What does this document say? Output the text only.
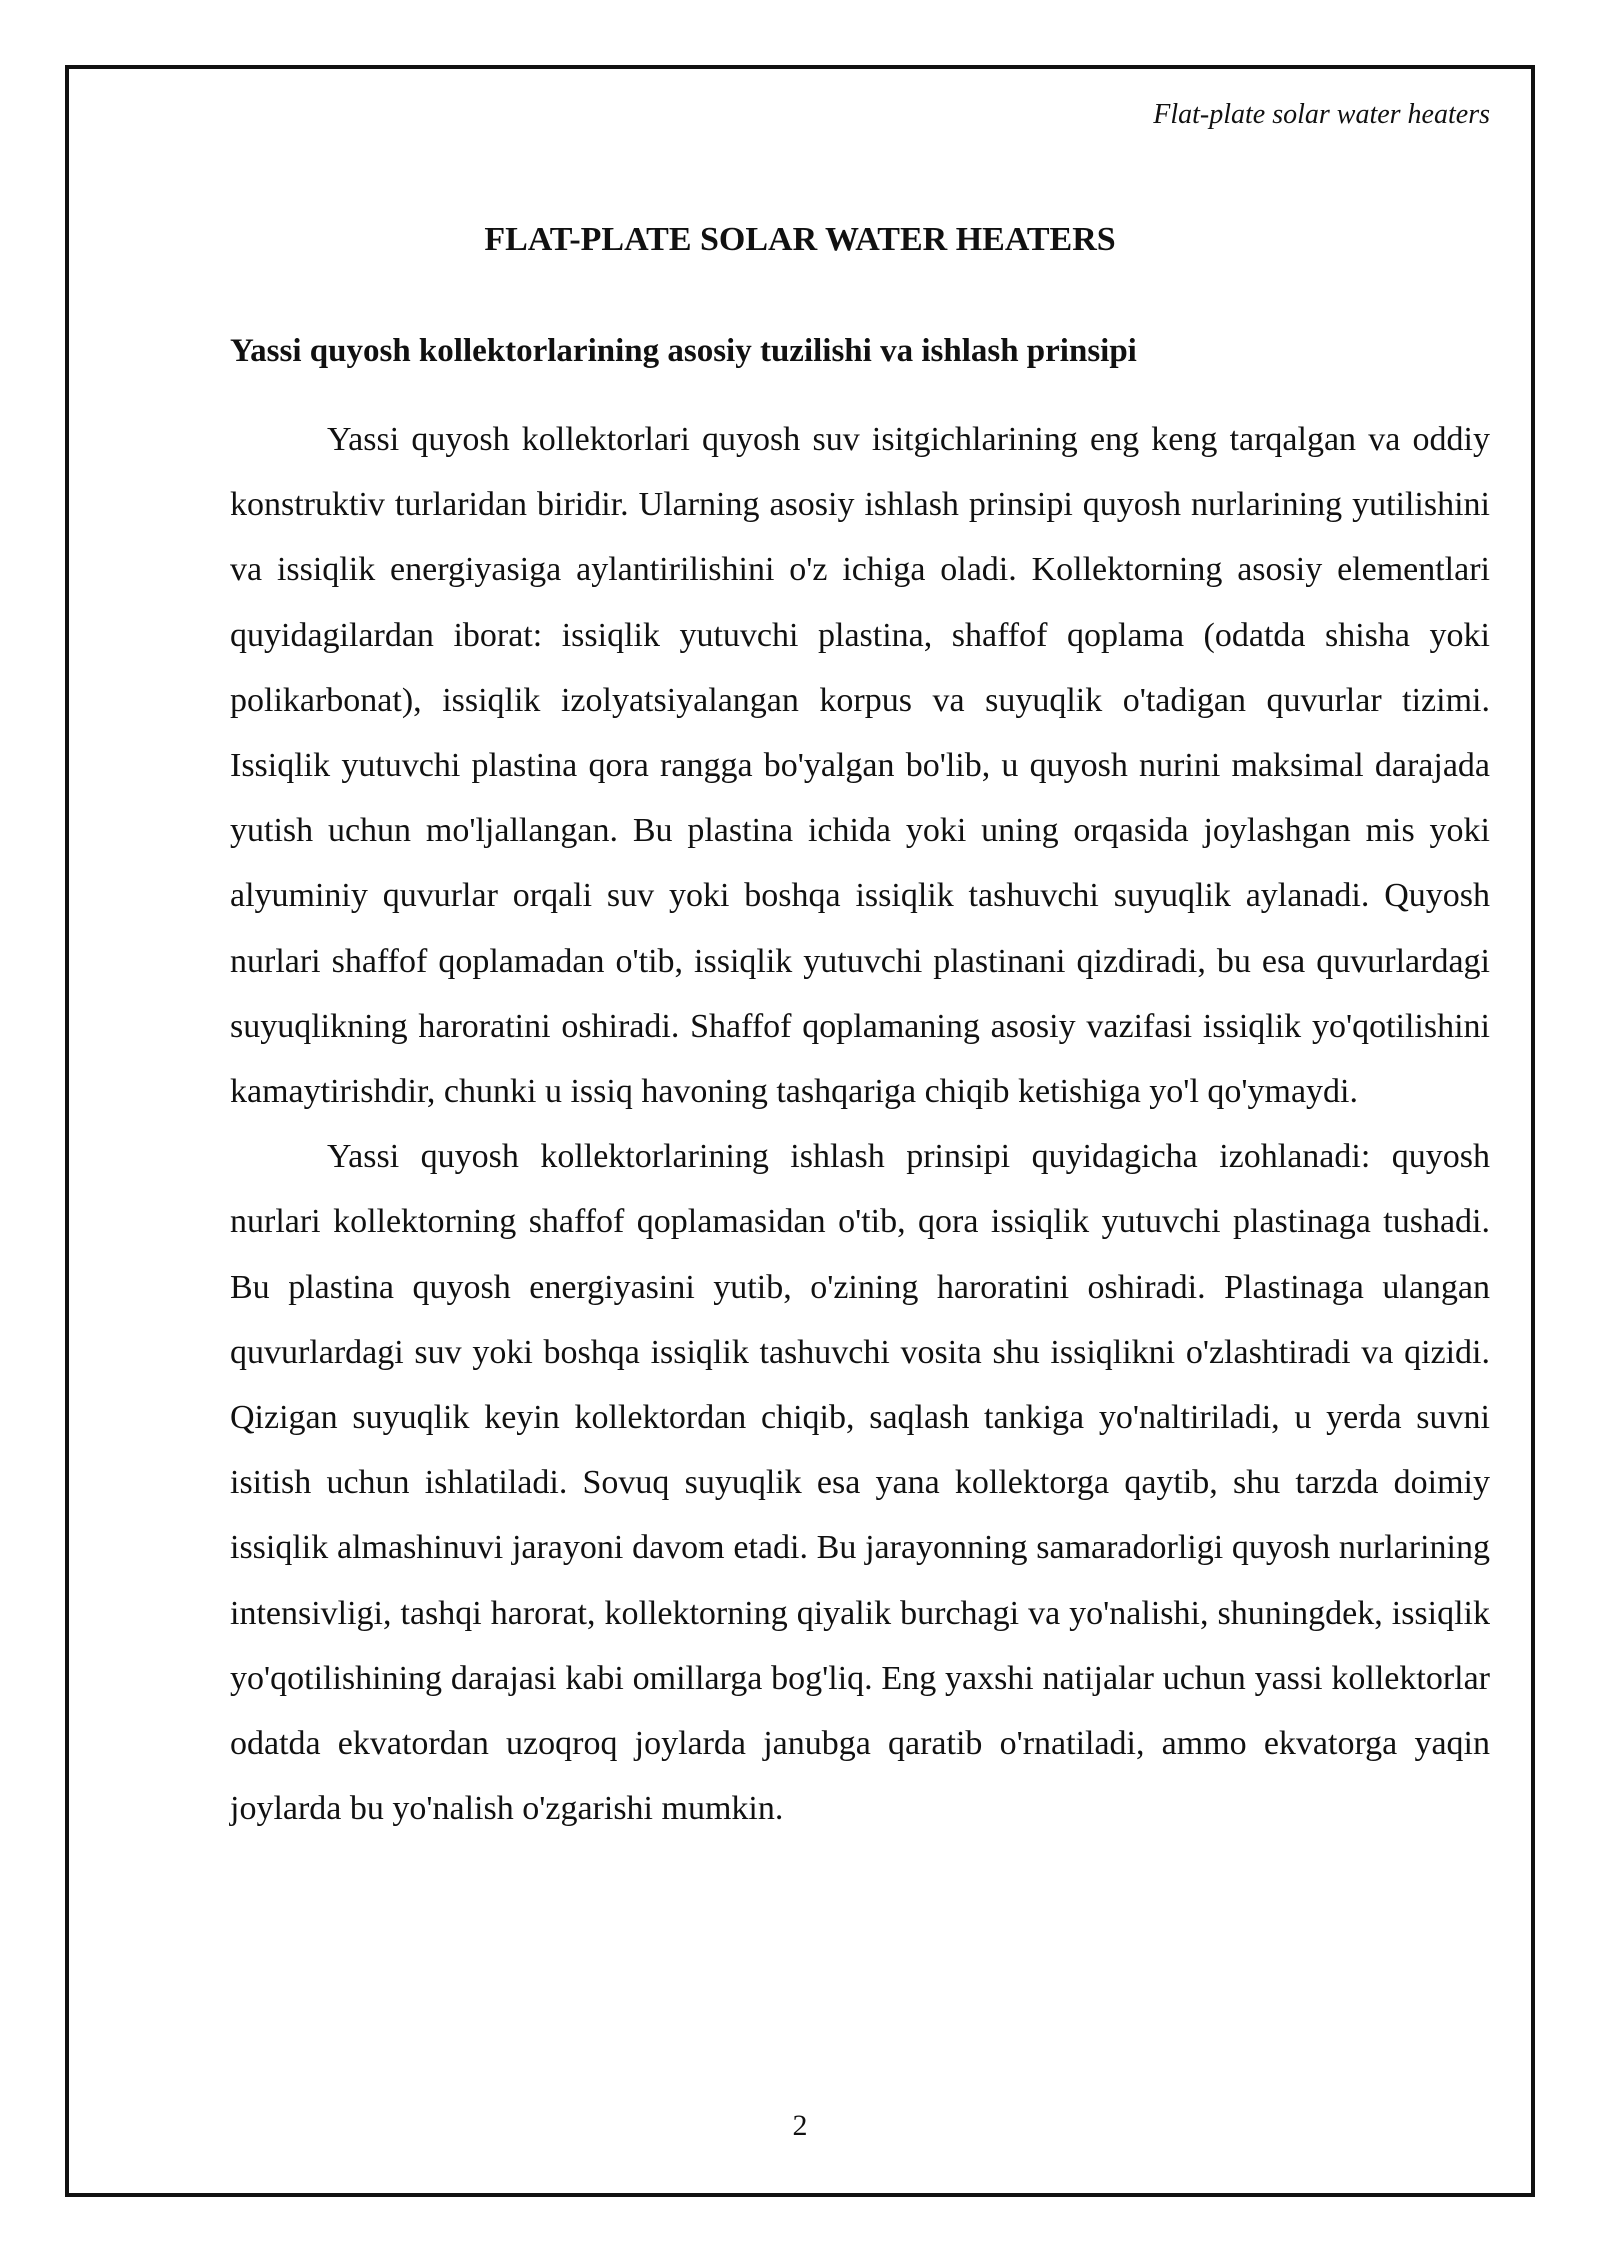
Flat-plate solar water heaters
FLAT-PLATE SOLAR WATER HEATERS
Yassi quyosh kollektorlarining asosiy tuzilishi va ishlash prinsipi

Yassi quyosh kollektorlari quyosh suv isitgichlarining eng keng tarqalgan va oddiy konstruktiv turlaridan biridir. Ularning asosiy ishlash prinsipi quyosh nurlarining yutilishini va issiqlik energiyasiga aylantirilishini o'z ichiga oladi. Kollektorning asosiy elementlari quyidagilardan iborat: issiqlik yutuvchi plastina, shaffof qoplama (odatda shisha yoki polikarbonat), issiqlik izolyatsiyalangan korpus va suyuqlik o'tadigan quvurlar tizimi. Issiqlik yutuvchi plastina qora rangga bo'yalgan bo'lib, u quyosh nurini maksimal darajada yutish uchun mo'ljallangan. Bu plastina ichida yoki uning orqasida joylashgan mis yoki alyuminiy quvurlar orqali suv yoki boshqa issiqlik tashuvchi suyuqlik aylanadi. Quyosh nurlari shaffof qoplamadan o'tib, issiqlik yutuvchi plastinani qizdiradi, bu esa quvurlardagi suyuqlikning haroratini oshiradi. Shaffof qoplamaning asosiy vazifasi issiqlik yo'qotilishini kamaytirishdir, chunki u issiq havoning tashqariga chiqib ketishiga yo'l qo'ymaydi.

Yassi quyosh kollektorlarining ishlash prinsipi quyidagicha izohlanadi: quyosh nurlari kollektorning shaffof qoplamasidan o'tib, qora issiqlik yutuvchi plastinaga tushadi. Bu plastina quyosh energiyasini yutib, o'zining haroratini oshiradi. Plastinaga ulangan quvurlardagi suv yoki boshqa issiqlik tashuvchi vosita shu issiqlikni o'zlashtiradi va qizidi. Qizigan suyuqlik keyin kollektordan chiqib, saqlash tankiga yo'naltiriladi, u yerda suvni isitish uchun ishlatiladi. Sovuq suyuqlik esa yana kollektorga qaytib, shu tarzda doimiy issiqlik almashinuvi jarayoni davom etadi. Bu jarayonning samaradorligi quyosh nurlarining intensivligi, tashqi harorat, kollektorning qiyalik burchagi va yo'nalishi, shuningdek, issiqlik yo'qotilishining darajasi kabi omillarga bog'liq. Eng yaxshi natijalar uchun yassi kollektorlar odatda ekvatordan uzoqroq joylarda janubga qaratib o'rnatiladi, ammo ekvatorga yaqin joylarda bu yo'nalish o'zgarishi mumkin.

2
